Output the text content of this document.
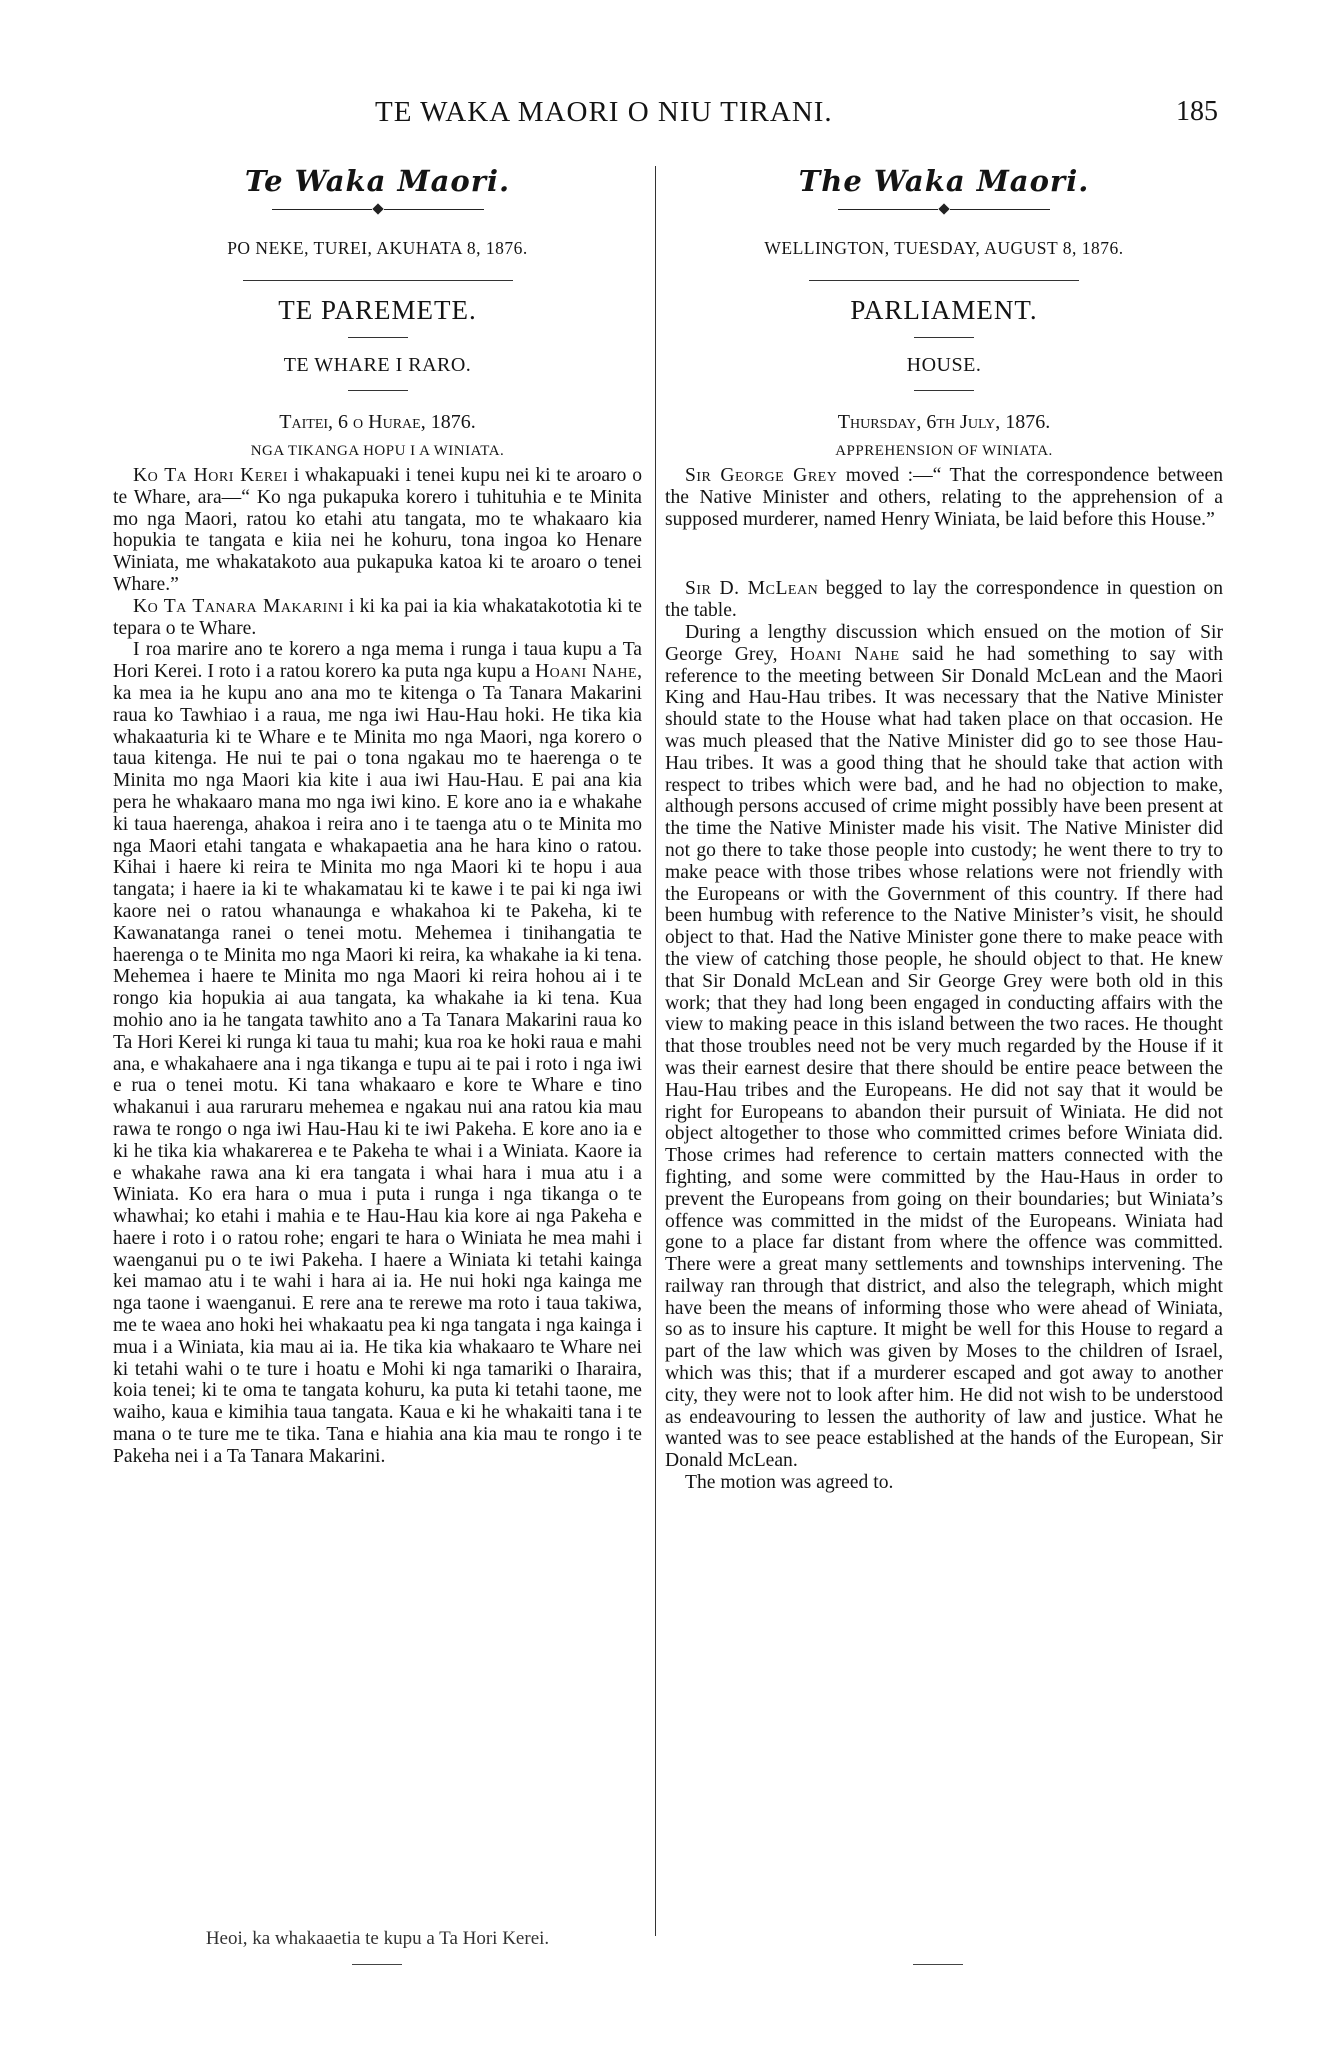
TE WAKA MAORI O NIU TIRANI.	185
Te Waka Maori.
PO NEKE, TUREI, AKUHATA 8, 1876.
TE PAREMETE.
TE WHARE I RARO.
Taitei, 6 o Hurae, 1876.
NGA TIKANGA HOPU I A WINIATA.

Ko Ta Hori Kerei i whakapuaki i tenei kupu nei ki te aroaro o te Whare, ara—“ Ko nga pukapuka korero i tuhituhia e te Minita mo nga Maori, ratou ko etahi atu tangata, mo te whakaaro kia hopukia te tangata e kiia nei he kohuru, tona ingoa ko Henare Winiata, me whakatakoto aua pukapuka katoa ki te aroaro o tenei Whare.”

Ko Ta Tanara Makarini i ki ka pai ia kia whakatakototia ki te tepara o te Whare.

I roa marire ano te korero a nga mema i runga i taua kupu a Ta Hori Kerei. I roto i a ratou korero ka puta nga kupu a Hoani Nahe, ka mea ia he kupu ano ana mo te kitenga o Ta Tanara Makarini raua ko Tawhiao i a raua, me nga iwi Hau-Hau hoki. He tika kia whakaaturia ki te Whare e te Minita mo nga Maori, nga korero o taua kitenga. He nui te pai o tona ngakau mo te haerenga o te Minita mo nga Maori kia kite i aua iwi Hau-Hau. E pai ana kia pera he whakaaro mana mo nga iwi kino. E kore ano ia e whakahe ki taua haerenga, ahakoa i reira ano i te taenga atu o te Minita mo nga Maori etahi tangata e whakapaetia ana he hara kino o ratou. Kihai i haere ki reira te Minita mo nga Maori ki te hopu i aua tangata; i haere ia ki te whakamatau ki te kawe i te pai ki nga iwi kaore nei o ratou whanaunga e whakahoa ki te Pakeha, ki te Kawanatanga ranei o tenei motu. Mehemea i tinihangatia te haerenga o te Minita mo nga Maori ki reira, ka whakahe ia ki tena. Mehemea i haere te Minita mo nga Maori ki reira hohou ai i te rongo kia hopukia ai aua tangata, ka whakahe ia ki tena. Kua mohio ano ia he tangata tawhito ano a Ta Tanara Makarini raua ko Ta Hori Kerei ki runga ki taua tu mahi; kua roa ke hoki raua e mahi ana, e whakahaere ana i nga tikanga e tupu ai te pai i roto i nga iwi e rua o tenei motu. Ki tana whakaaro e kore te Whare e tino whakanui i aua raruraru mehemea e ngakau nui ana ratou kia mau rawa te rongo o nga iwi Hau-Hau ki te iwi Pakeha. E kore ano ia e ki he tika kia whakarerea e te Pakeha te whai i a Winiata. Kaore ia e whakahe rawa ana ki era tangata i whai hara i mua atu i a Winiata. Ko era hara o mua i puta i runga i nga tikanga o te whawhai; ko etahi i mahia e te Hau-Hau kia kore ai nga Pakeha e haere i roto i o ratou rohe; engari te hara o Winiata he mea mahi i waenganui pu o te iwi Pakeha. I haere a Winiata ki tetahi kainga kei mamao atu i te wahi i hara ai ia. He nui hoki nga kainga me nga taone i waenganui. E rere ana te rerewe ma roto i taua takiwa, me te waea ano hoki hei whakaatu pea ki nga tangata i nga kainga i mua i a Winiata, kia mau ai ia. He tika kia whakaaro te Whare nei ki tetahi wahi o te ture i hoatu e Mohi ki nga tamariki o Iharaira, koia tenei; ki te oma te tangata kohuru, ka puta ki tetahi taone, me waiho, kaua e kimihia taua tangata. Kaua e ki he whakaiti tana i te mana o te ture me te tika. Tana e hiahia ana kia mau te rongo i te Pakeha nei i a Ta Tanara Makarini.

Heoi, ka whakaaetia te kupu a Ta Hori Kerei.
The Waka Maori.
WELLINGTON, TUESDAY, AUGUST 8, 1876.
PARLIAMENT.
HOUSE.
Thursday, 6th July, 1876.
APPREHENSION OF WINIATA.

Sir George Grey moved :—“ That the correspondence between the Native Minister and others, relating to the apprehension of a supposed murderer, named Henry Winiata, be laid before this House.”

Sir D. McLean begged to lay the correspondence in question on the table.

During a lengthy discussion which ensued on the motion of Sir George Grey, Hoani Nahe said he had something to say with reference to the meeting between Sir Donald McLean and the Maori King and Hau-Hau tribes. It was necessary that the Native Minister should state to the House what had taken place on that occasion. He was much pleased that the Native Minister did go to see those Hau-Hau tribes. It was a good thing that he should take that action with respect to tribes which were bad, and he had no objection to make, although persons accused of crime might possibly have been present at the time the Native Minister made his visit. The Native Minister did not go there to take those people into custody; he went there to try to make peace with those tribes whose relations were not friendly with the Europeans or with the Government of this country. If there had been humbug with reference to the Native Minister’s visit, he should object to that. Had the Native Minister gone there to make peace with the view of catching those people, he should object to that. He knew that Sir Donald McLean and Sir George Grey were both old in this work; that they had long been engaged in conducting affairs with the view to making peace in this island between the two races. He thought that those troubles need not be very much regarded by the House if it was their earnest desire that there should be entire peace between the Hau-Hau tribes and the Europeans. He did not say that it would be right for Europeans to abandon their pursuit of Winiata. He did not object altogether to those who committed crimes before Winiata did. Those crimes had reference to certain matters connected with the fighting, and some were committed by the Hau-Haus in order to prevent the Europeans from going on their boundaries; but Winiata’s offence was committed in the midst of the Europeans. Winiata had gone to a place far distant from where the offence was committed. There were a great many settlements and townships intervening. The railway ran through that district, and also the telegraph, which might have been the means of informing those who were ahead of Winiata, so as to insure his capture. It might be well for this House to regard a part of the law which was given by Moses to the children of Israel, which was this; that if a murderer escaped and got away to another city, they were not to look after him. He did not wish to be understood as endeavouring to lessen the authority of law and justice. What he wanted was to see peace established at the hands of the European, Sir Donald McLean.

The motion was agreed to.
